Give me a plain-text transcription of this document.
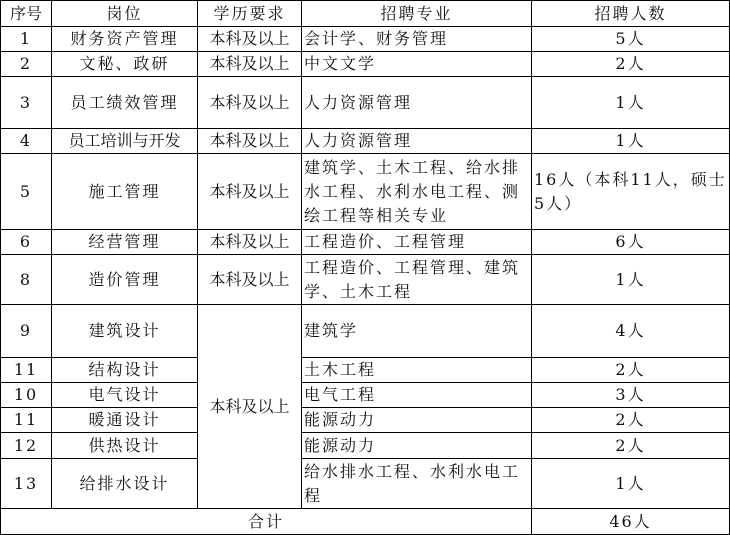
序号	岗位	学历要求	招聘专业	招聘人数
1	财务资产管理	本科及以上	会计学、财务管理	5人
2	文秘、政研	本科及以上	中文文学	2人
3	员工绩效管理	本科及以上	人力资源管理	1人
4	员工培训与开发	本科及以上	人力资源管理	1人
5	施工管理	本科及以上	建筑学、土木工程、给水排水工程、水利水电工程、测绘工程等相关专业	16人（本科11人，硕士5人）
6	经营管理	本科及以上	工程造价、工程管理	6人
8	造价管理	本科及以上	工程造价、工程管理、建筑学、土木工程	1人
9	建筑设计	本科及以上	建筑学	4人
11	结构设计		土木工程	2人
10	电气设计		电气工程	3人
11	暖通设计		能源动力	2人
12	供热设计		能源动力	2人
13	给排水设计		给水排水工程、水利水电工程	1人
合计				46人
